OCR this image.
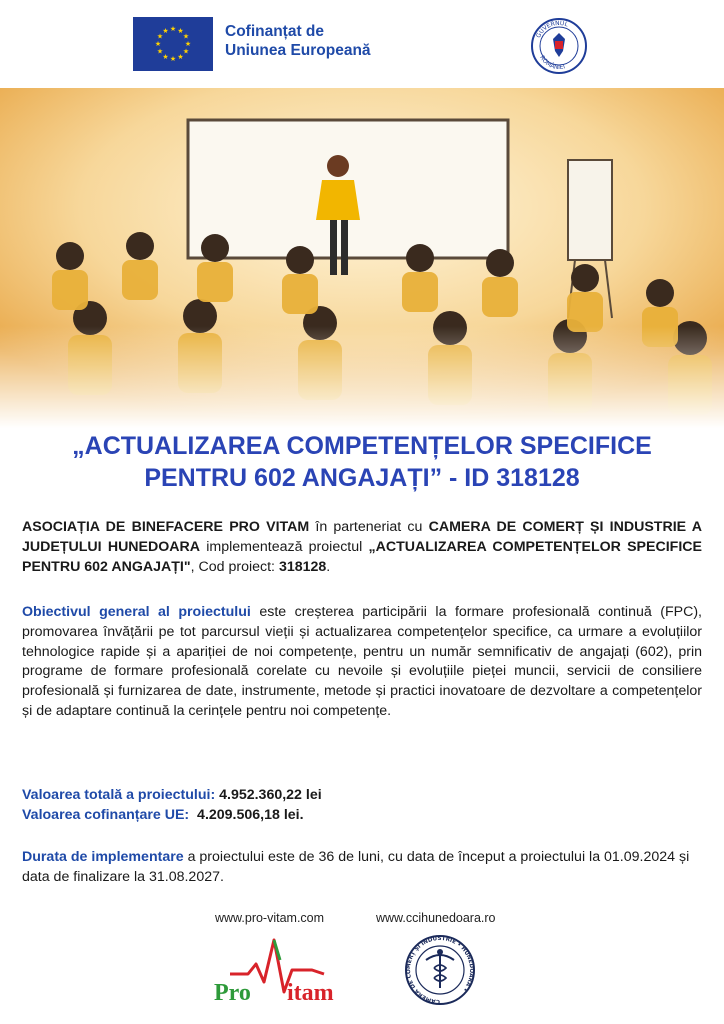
★ ★
★
★
★
★
★
★
★
★
★
★	Cofinanțat de
Uniunea Europeană
GUVERNUL
ROMÂNIEI
„ACTUALIZAREA COMPETENȚELOR SPECIFICE
PENTRU 602 ANGAJAȚI” - ID 318128
ASOCIAȚIA DE BINEFACERE PRO VITAM în parteneriat cu CAMERA DE COMERȚ ȘI INDUSTRIE A JUDEȚULUI HUNEDOARA implementează proiectul „ACTUALIZAREA COMPETENȚELOR SPECIFICE PENTRU 602 ANGAJAȚI", Cod proiect: 318128.
Obiectivul general al proiectului este creșterea participării la formare profesională continuă (FPC), promovarea învățării pe tot parcursul vieții și actualizarea competențelor specifice, ca urmare a evoluțiilor tehnologice rapide și a apariției de noi competențe, pentru un număr semnificativ de angajați (602), prin programe de formare profesională corelate cu nevoile și evoluțiile pieței muncii, servicii de consiliere profesională și furnizarea de date, instrumente, metode și practici inovatoare de dezvoltare a competențelor și de adaptare continuă la cerințele pentru noi competențe.
Valoarea totală a proiectului: 4.952.360,22 lei
Valoarea cofinanțare UE:  4.209.506,18 lei.
Durata de implementare a proiectului este de 36 de luni, cu data de început a proiectului la 01.09.2024 și data de finalizare la 31.08.2027.
www.pro-vitam.com	www.ccihunedoara.ro
Pro itam	CAMERA DE COMERȚ ȘI INDUSTRIE • HUNEDOARA •
